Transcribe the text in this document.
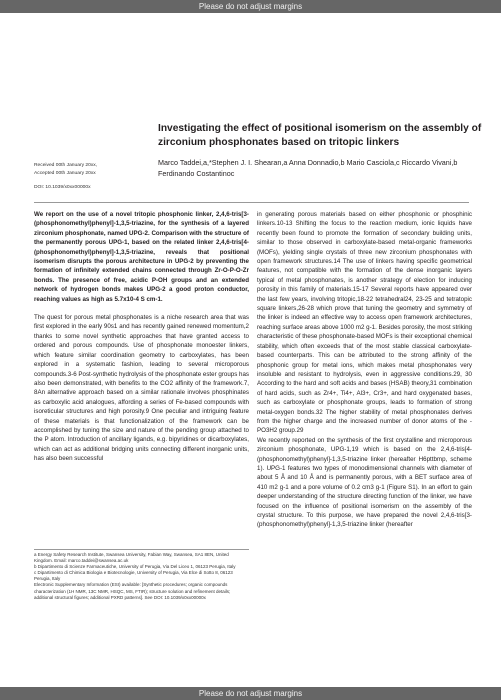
Please do not adjust margins
Investigating the effect of positional isomerism on the assembly of zirconium phosphonates based on tritopic linkers
Marco Taddei,a,*Stephen J. I. Shearan,a Anna Donnadio,b Mario Casciola,c Riccardo Vivani,b Ferdinando Costantinoc
Received 00th January 20xx,
Accepted 00th January 20xx
DOI: 10.1039/x0xx00000x

We report on the use of a novel tritopic phosphonic linker, 2,4,6-tris[3-(phosphonomethyl)phenyl]-1,3,5-triazine, for the synthesis of a layered zirconium phosphonate, named UPG-2. Comparison with the structure of the permanently porous UPG-1, based on the related linker 2,4,6-tris[4-(phosphonomethyl)phenyl]-1,3,5-triazine, reveals that positional isomerism disrupts the porous architecture in UPG-2 by preventing the formation of infinitely extended chains connected through Zr-O-P-O-Zr bonds. The presence of free, acidic P-OH groups and an extended network of hydrogen bonds makes UPG-2 a good proton conductor, reaching values as high as 5.7x10-4 S cm-1.

The quest for porous metal phosphonates is a niche research area that was first explored in the early 90s1 and has recently gained renewed momentum,2 thanks to some novel synthetic approaches that have granted access to ordered and porous compounds. Use of phosphonate monoester linkers, which feature similar coordination geometry to carboxylates, has been explored in a systematic fashion, leading to several microporous compounds.3-6 Post-synthetic hydrolysis of the phosphonate ester groups has also been demonstrated, with benefits to the CO2 affinity of the framework.7, 8An alternative approach based on a similar rationale involves phosphinates as carboxylic acid analogues, affording a series of Fe-based compounds with isoreticular structures and high porosity.9 One peculiar and intriguing feature of these materials is that functionalization of the framework can be accomplished by tuning the size and nature of the pending group attached to the P atom. Introduction of ancillary ligands, e.g. bipyridines or dicarboxylates, which can act as additional bridging units connecting different inorganic units, has also been successful

in generating porous materials based on either phosphonic or phosphinic linkers.10-13 Shifting the focus to the reaction medium, ionic liquids have recently been found to promote the formation of secondary building units, similar to those observed in carboxylate-based metal-organic frameworks (MOFs), yielding single crystals of three new zirconium phosphonates with open framework structures.14 The use of linkers having specific geometrical features, not compatible with the formation of the dense inorganic layers typical of metal phosphonates, is another strategy of election for inducing porosity in this family of materials.15-17 Several reports have appeared over the last few years, involving tritopic,18-22 tetrahedral24, 23-25 and tetratopic square linkers,26-28 which prove that tuning the geometry and symmetry of the linker is indeed an effective way to access open framework architectures, reaching surface areas above 1000 m2 g-1. Besides porosity, the most striking characteristic of these phosphonate-based MOFs is their exceptional chemical stability, which often exceeds that of the most stable classical carboxylate-based counterparts. This can be attributed to the strong affinity of the phosphonic group for metal ions, which makes metal phosphonates very insoluble and resistant to hydrolysis, even in aggressive conditions.29, 30 According to the hard and soft acids and bases (HSAB) theory,31 combination of hard acids, such as Zr4+, Ti4+, Al3+, Cr3+, and hard oxygenated bases, such as carboxylate or phosphonate groups, leads to formation of strong metal-oxygen bonds.32 The higher stability of metal phosphonates derives from the higher charge and the increased number of donor atoms of the -PO3H2 group.29

We recently reported on the synthesis of the first crystalline and microporous zirconium phosphonate, UPG-1,19 which is based on the 2,4,6-tris[4-(phosphonomethyl)phenyl]-1,3,5-triazine linker (hereafter H6pttbmp, scheme 1). UPG-1 features two types of monodimensional channels with diameter of about 5 Å and 10 Å and is permanently porous, with a BET surface area of 410 m2 g-1 and a pore volume of 0.2 cm3 g-1 (Figure S1). In an effort to gain deeper understanding of the structure directing function of the linker, we have focused on the influence of positional isomerism on the assembly of the crystal structure. To this purpose, we have prepared the novel 2,4,6-tris[3-(phosphonomethyl)phenyl]-1,3,5-triazine linker (hereafter

a Energy Safety Research Institute, Swansea University, Fabian Way, Swansea, SA1 8EN, United Kingdom. Email: marco.taddei@swansea.ac.uk

b Dipartimento di Scienze Farmaceutiche, University of Perugia, Via Del Liceo 1, 06123 Perugia, Italy

c Dipartimento di Chimica Biologia e Biotecnologie, University of Perugia, Via Elce di Sotto 8, 06123 Perugia, Italy

Electronic Supplementary Information (ESI) available: [Synthetic procedures; organic compounds characterization (1H NMR, 13C NMR, HSQC, MS, FTIR); structure solution and refinement details; additional structural figures; additional PXRD patterns]. See DOI: 10.1039/x0xx00000x

Please do not adjust margins
